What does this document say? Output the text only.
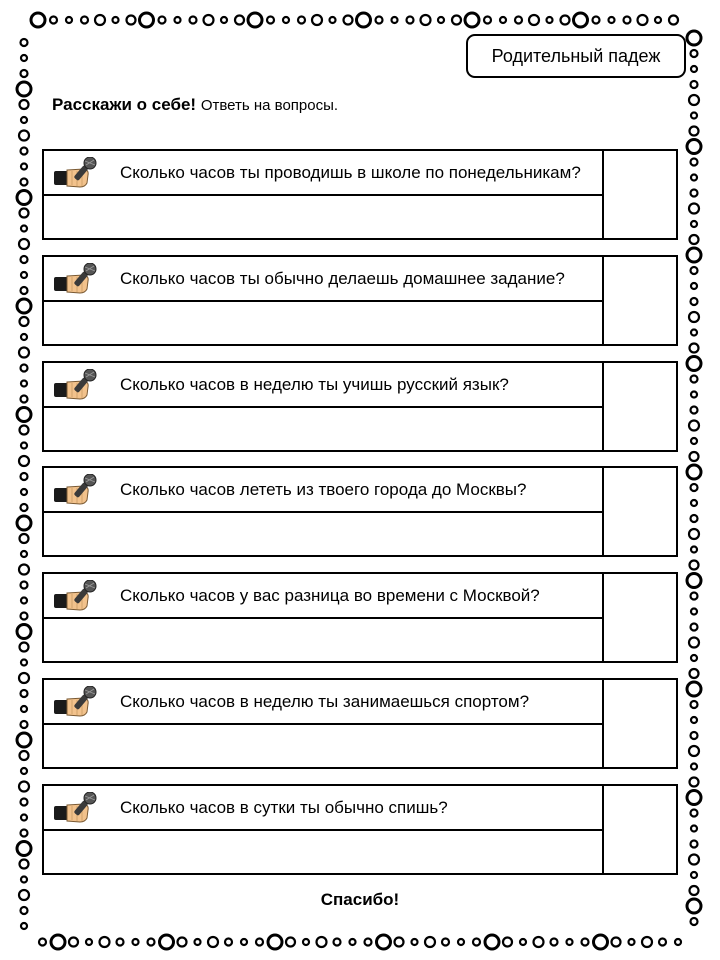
Родительный падеж
Расскажи о себе! Ответь на вопросы.
Сколько часов ты проводишь в школе по понедельникам?
Сколько часов ты обычно делаешь домашнее задание?
Сколько часов в неделю ты учишь русский язык?
Сколько часов лететь из твоего города до Москвы?
Сколько часов у вас разница во времени с Москвой?
Сколько часов в неделю ты занимаешься спортом?
Сколько часов в сутки ты обычно спишь?
Спасибо!
